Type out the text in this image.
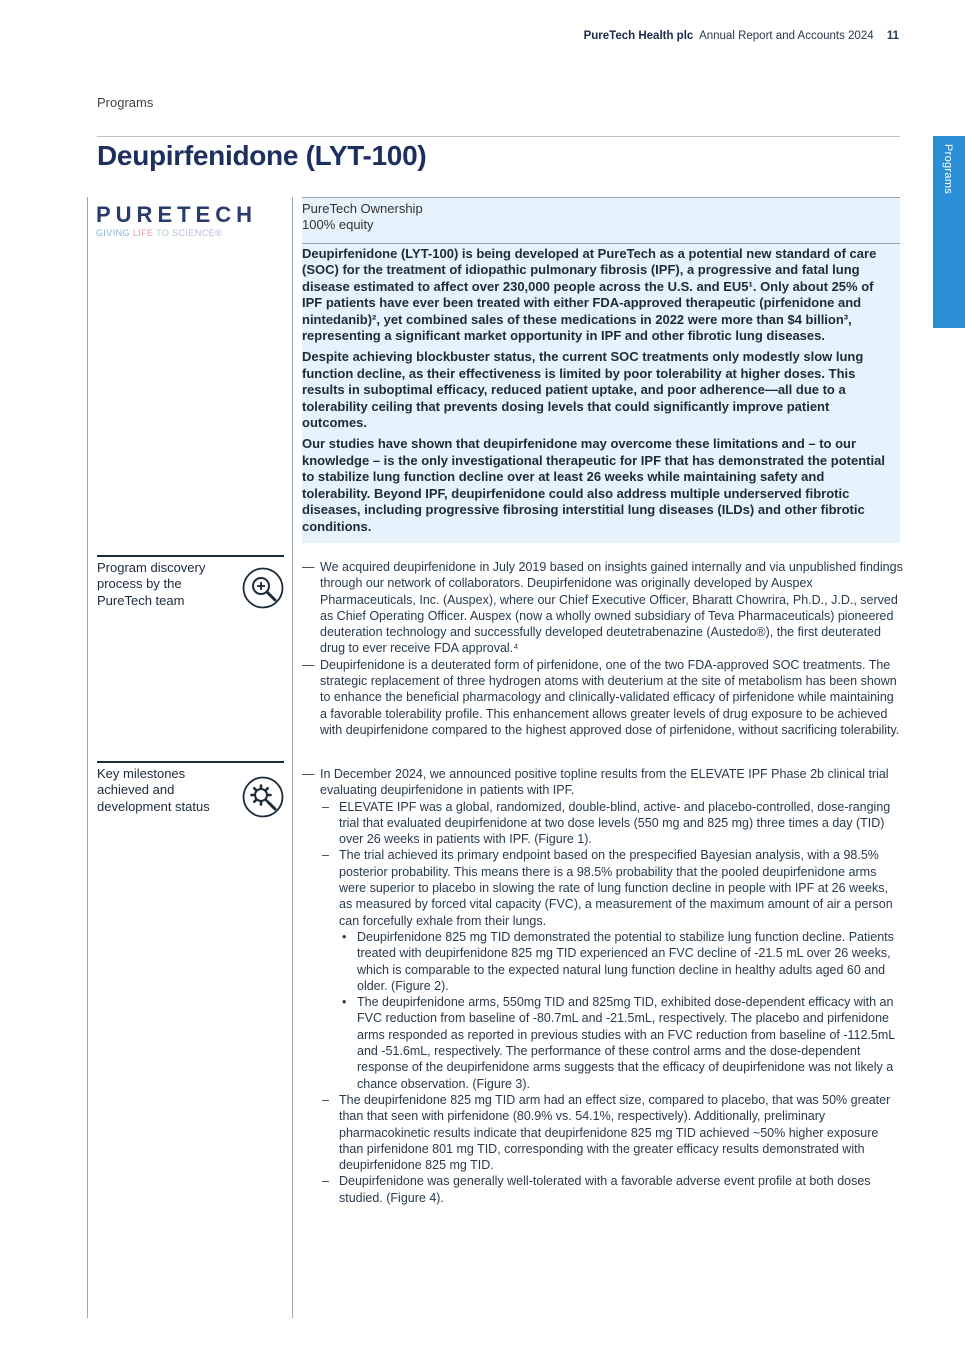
PureTech Health plc Annual Report and Accounts 2024 11
Programs
Deupirfenidone (LYT-100)	Programs
PURETECH
GIVING LIFE TO SCIENCE®
PureTech Ownership
100% equity

Deupirfenidone (LYT-100) is being developed at PureTech as a potential new standard of care (SOC) for the treatment of idiopathic pulmonary fibrosis (IPF), a progressive and fatal lung disease estimated to affect over 230,000 people across the U.S. and EU5¹. Only about 25% of IPF patients have ever been treated with either FDA-approved therapeutic (pirfenidone and nintedanib)², yet combined sales of these medications in 2022 were more than $4 billion³, representing a significant market opportunity in IPF and other fibrotic lung diseases.

Despite achieving blockbuster status, the current SOC treatments only modestly slow lung function decline, as their effectiveness is limited by poor tolerability at higher doses. This results in suboptimal efficacy, reduced patient uptake, and poor adherence—all due to a tolerability ceiling that prevents dosing levels that could significantly improve patient outcomes.

Our studies have shown that deupirfenidone may overcome these limitations and – to our knowledge – is the only investigational therapeutic for IPF that has demonstrated the potential to stabilize lung function decline over at least 26 weeks while maintaining safety and tolerability. Beyond IPF, deupirfenidone could also address multiple underserved fibrotic diseases, including progressive fibrosing interstitial lung diseases (ILDs) and other fibrotic conditions.

Program discovery process by the PureTech team
— We acquired deupirfenidone in July 2019 based on insights gained internally and via unpublished findings through our network of collaborators. Deupirfenidone was originally developed by Auspex Pharmaceuticals, Inc. (Auspex), where our Chief Executive Officer, Bharatt Chowrira, Ph.D., J.D., served as Chief Operating Officer. Auspex (now a wholly owned subsidiary of Teva Pharmaceuticals) pioneered deuteration technology and successfully developed deutetrabenazine (Austedo®), the first deuterated drug to ever receive FDA approval.⁴
— Deupirfenidone is a deuterated form of pirfenidone, one of the two FDA-approved SOC treatments. The strategic replacement of three hydrogen atoms with deuterium at the site of metabolism has been shown to enhance the beneficial pharmacology and clinically-validated efficacy of pirfenidone while maintaining a favorable tolerability profile. This enhancement allows greater levels of drug exposure to be achieved with deupirfenidone compared to the highest approved dose of pirfenidone, without sacrificing tolerability.
Key milestones achieved and development status
— In December 2024, we announced positive topline results from the ELEVATE IPF Phase 2b clinical trial evaluating deupirfenidone in patients with IPF.
– ELEVATE IPF was a global, randomized, double-blind, active- and placebo-controlled, dose-ranging trial that evaluated deupirfenidone at two dose levels (550 mg and 825 mg) three times a day (TID) over 26 weeks in patients with IPF. (Figure 1).
– The trial achieved its primary endpoint based on the prespecified Bayesian analysis, with a 98.5% posterior probability. This means there is a 98.5% probability that the pooled deupirfenidone arms were superior to placebo in slowing the rate of lung function decline in people with IPF at 26 weeks, as measured by forced vital capacity (FVC), a measurement of the maximum amount of air a person can forcefully exhale from their lungs.
• Deupirfenidone 825 mg TID demonstrated the potential to stabilize lung function decline. Patients treated with deupirfenidone 825 mg TID experienced an FVC decline of -21.5 mL over 26 weeks, which is comparable to the expected natural lung function decline in healthy adults aged 60 and older. (Figure 2).
• The deupirfenidone arms, 550mg TID and 825mg TID, exhibited dose-dependent efficacy with an FVC reduction from baseline of -80.7mL and -21.5mL, respectively. The placebo and pirfenidone arms responded as reported in previous studies with an FVC reduction from baseline of -112.5mL and -51.6mL, respectively. The performance of these control arms and the dose-dependent response of the deupirfenidone arms suggests that the efficacy of deupirfenidone was not likely a chance observation. (Figure 3).
– The deupirfenidone 825 mg TID arm had an effect size, compared to placebo, that was 50% greater than that seen with pirfenidone (80.9% vs. 54.1%, respectively). Additionally, preliminary pharmacokinetic results indicate that deupirfenidone 825 mg TID achieved ~50% higher exposure than pirfenidone 801 mg TID, corresponding with the greater efficacy results demonstrated with deupirfenidone 825 mg TID.
– Deupirfenidone was generally well-tolerated with a favorable adverse event profile at both doses studied. (Figure 4).
